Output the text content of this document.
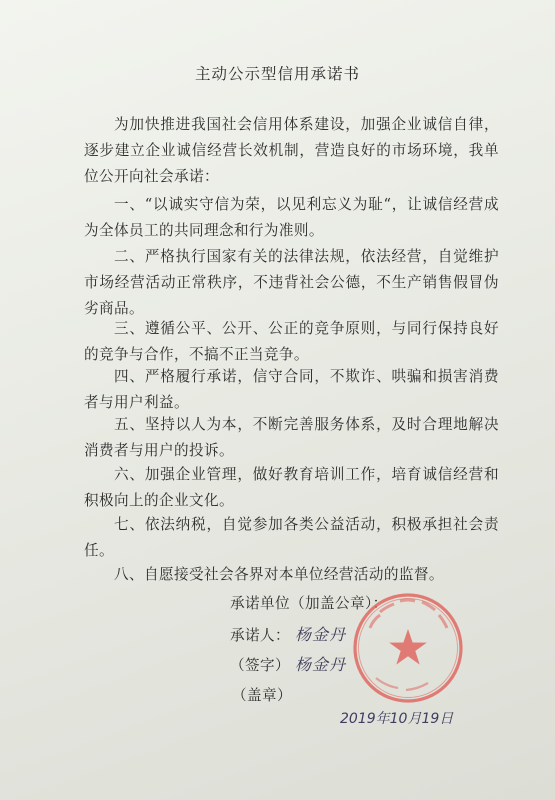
主动公示型信用承诺书
为加快推进我国社会信用体系建设，加强企业诚信自律，逐步建立企业诚信经营长效机制，营造良好的市场环境，我单位公开向社会承诺：
一、“以诚实守信为荣，以见利忘义为耻“，让诚信经营成为全体员工的共同理念和行为准则。
二、严格执行国家有关的法律法规，依法经营，自觉维护市场经营活动正常秩序，不违背社会公德，不生产销售假冒伪劣商品。
三、遵循公平、公开、公正的竞争原则，与同行保持良好的竞争与合作，不搞不正当竞争。
四、严格履行承诺，信守合同，不欺诈、哄骗和损害消费者与用户利益。
五、坚持以人为本，不断完善服务体系，及时合理地解决消费者与用户的投诉。
六、加强企业管理，做好教育培训工作，培育诚信经营和积极向上的企业文化。
七、依法纳税，自觉参加各类公益活动，积极承担社会责任。
八、自愿接受社会各界对本单位经营活动的监督。
承诺单位（加盖公章）：
承诺人： 杨金丹
（签字） 杨金丹
（盖章）
2019年10月19日
